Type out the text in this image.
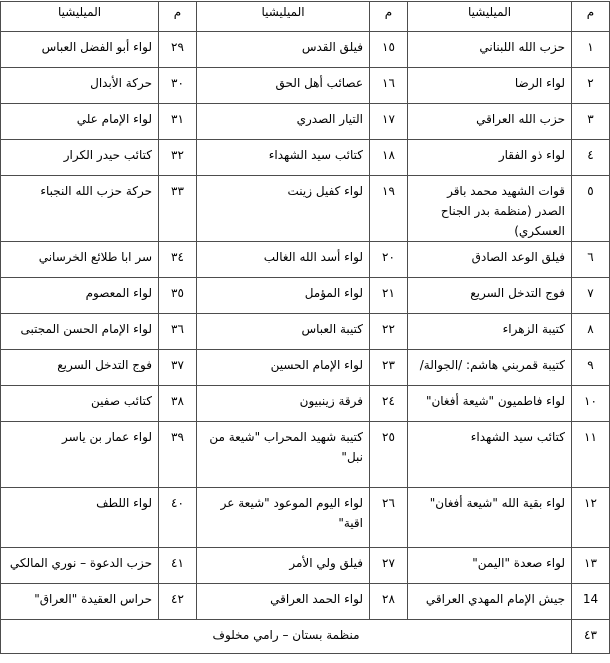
م	الميليشيا	م	الميليشيا	م	الميليشيا
١	حزب الله اللبناني	١٥	فيلق القدس	٢٩	لواء أبو الفضل العباس
٢	لواء الرضا	١٦	عصائب أهل الحق	٣٠	حركة الأبدال
٣	حزب الله العراقي	١٧	التيار الصدري	٣١	لواء الإمام علي
٤	لواء ذو الفقار	١٨	كتائب سيد الشهداء	٣٢	كتائب حيدر الكرار
٥	قوات الشهيد محمد باقر الصدر (منظمة بدر الجناح العسكري)	١٩	لواء كفيل زينت	٣٣	حركة حزب الله النجباء
٦	فيلق الوعد الصادق	٢٠	لواء أسد الله الغالب	٣٤	سر ابا طلائع الخرساني
٧	فوج التدخل السريع	٢١	لواء المؤمل	٣٥	لواء المعصوم
٨	كتيبة الزهراء	٢٢	كتيبة العباس	٣٦	لواء الإمام الحسن المجتبى
٩	كتيبة قمربني هاشم: /الجوالة/	٢٣	لواء الإمام الحسين	٣٧	فوج التدخل السريع
١٠	لواء فاطميون "شيعة أفغان"	٢٤	فرقة زينبيون	٣٨	كتائب صفين
١١	كتائب سيد الشهداء	٢٥	كتيبة شهيد المحراب "شيعة من نبل"	٣٩	لواء عمار بن ياسر
١٢	لواء بقية الله "شيعة أفغان"	٢٦	لواء اليوم الموعود "شيعة عر اقية"	٤٠	لواء اللطف
١٣	لواء صعدة "اليمن"	٢٧	فيلق ولي الأمر	٤١	حزب الدعوة – نوري المالكي
14	جيش الإمام المهدي العراقي	٢٨	لواء الحمد العراقي	٤٢	حراس العقيدة "العراق"
٤٣	منظمة بستان – رامي مخلوف				
